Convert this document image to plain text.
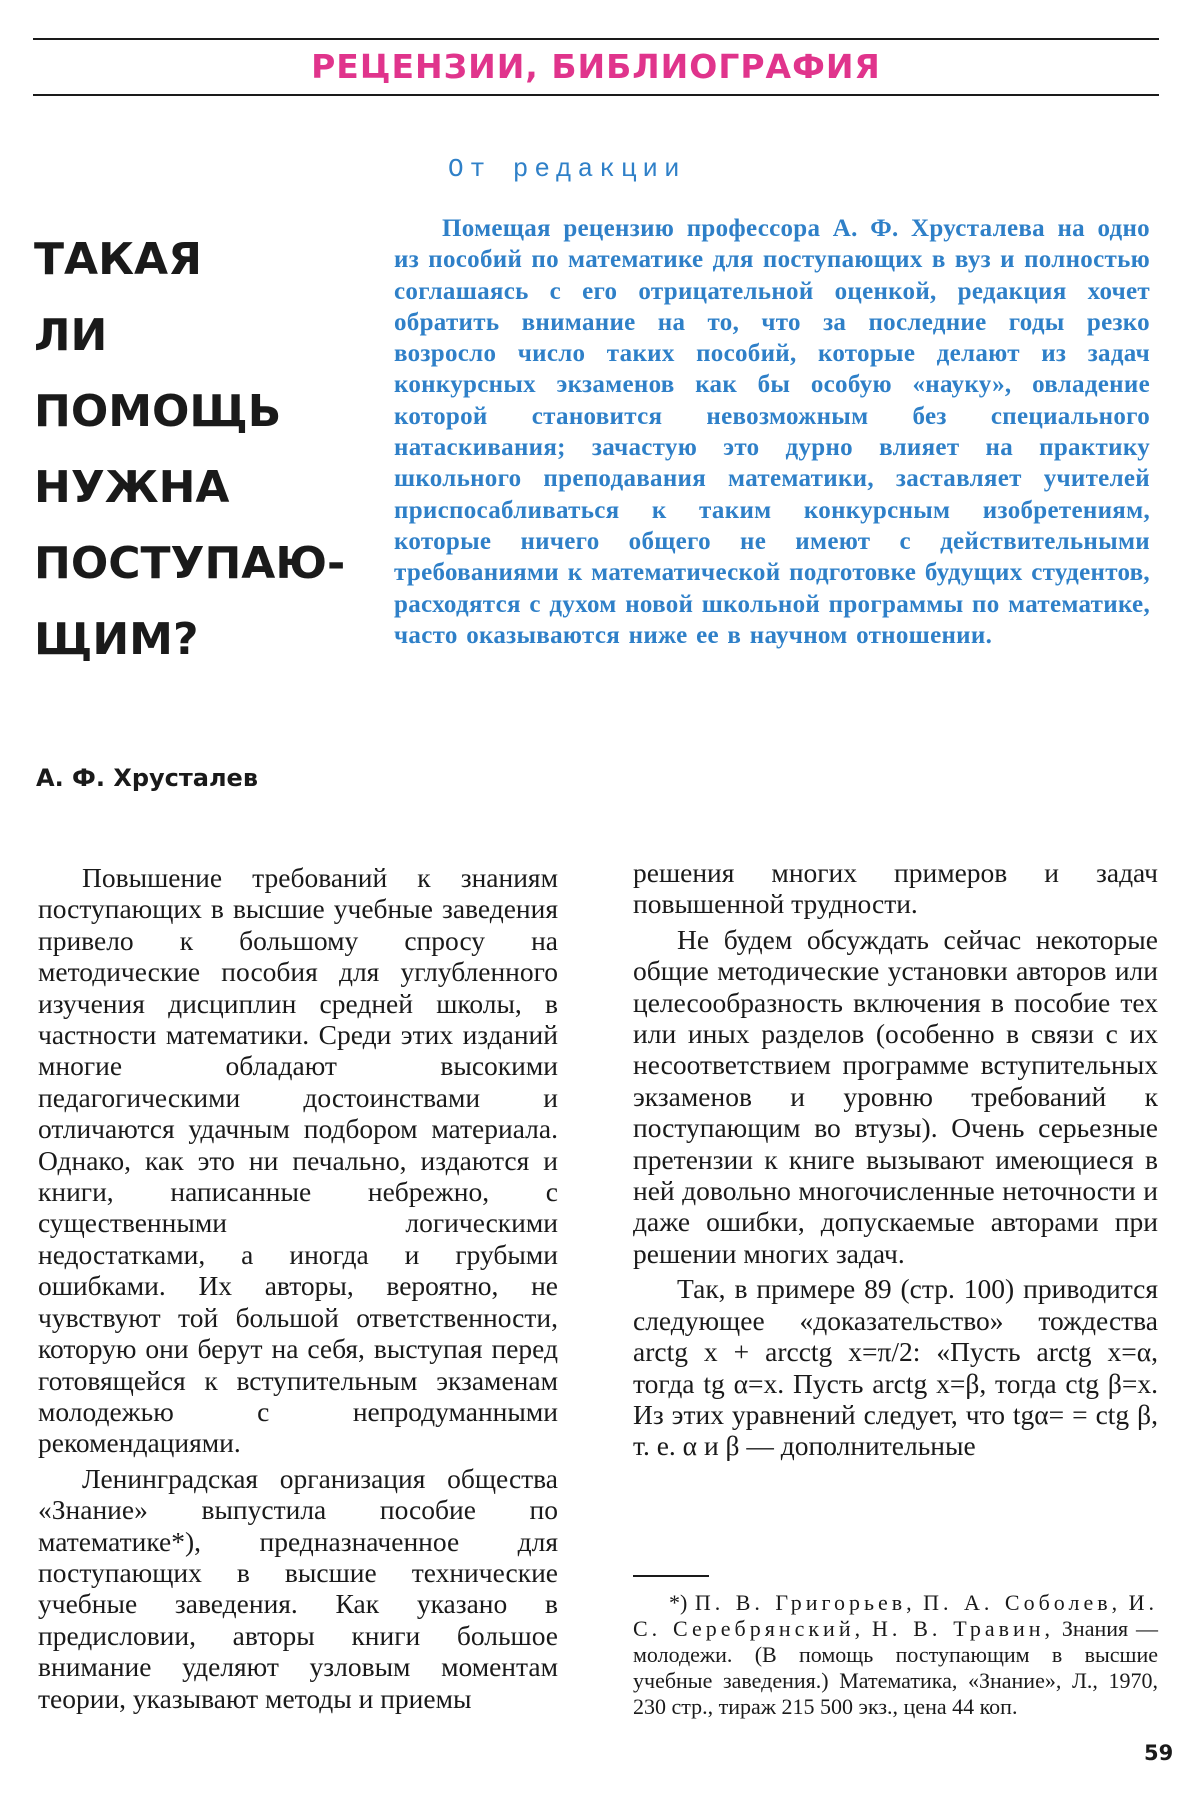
РЕЦЕНЗИИ, БИБЛИОГРАФИЯ
ТАКАЯ
ЛИ
ПОМОЩЬ
НУЖНА
ПОСТУПАЮ-
ЩИМ?
От редакции

Помещая рецензию профессора А. Ф. Хрусталева на одно из пособий по математике для поступающих в вуз и полностью соглашаясь с его отрицательной оценкой, редакция хочет обратить внимание на то, что за последние годы резко возросло число таких пособий, которые делают из задач конкурсных экзаменов как бы особую «науку», овладение которой становится невозможным без специального натаскивания; зачастую это дурно влияет на практику школьного преподавания математики, заставляет учителей приспосабливаться к таким конкурсным изобретениям, которые ничего общего не имеют с действительными требованиями к математической подготовке будущих студентов, расходятся с духом новой школьной программы по математике, часто оказываются ниже ее в научном отношении.

А. Ф. Хрусталев

Повышение требований к знаниям поступающих в высшие учебные заведения привело к большому спросу на методические пособия для углубленного изучения дисциплин средней школы, в частности математики. Среди этих изданий многие обладают высокими педагогическими достоинствами и отличаются удачным подбором материала. Однако, как это ни печально, издаются и книги, написанные небрежно, с существенными логическими недостатками, а иногда и грубыми ошибками. Их авторы, вероятно, не чувствуют той большой ответственности, которую они берут на себя, выступая перед готовящейся к вступительным экзаменам молодежью с непродуманными рекомендациями.

Ленинградская организация общества «Знание» выпустила пособие по математике*), предназначенное для поступающих в высшие технические учебные заведения. Как указано в предисловии, авторы книги большое внимание уделяют узловым моментам теории, указывают методы и приемы

решения многих примеров и задач повышенной трудности.

Не будем обсуждать сейчас некоторые общие методические установки авторов или целесообразность включения в пособие тех или иных разделов (особенно в связи с их несоответствием программе вступительных экзаменов и уровню требований к поступающим во втузы). Очень серьезные претензии к книге вызывают имеющиеся в ней довольно многочисленные неточности и даже ошибки, допускаемые авторами при решении многих задач.

Так, в примере 89 (стр. 100) приводится следующее «доказательство» тождества arctg x + arcctg x=π/2: «Пусть arctg x=α, тогда tg α=x. Пусть arctg x=β, тогда ctg β=x. Из этих уравнений следует, что tgα= = ctg β, т. е. α и β — дополнительные

*) П. В. Григорьев, П. А. Соболев, И. С. Серебрянский, Н. В. Травин, Знания — молодежи. (В помощь поступающим в высшие учебные заведения.) Математика, «Знание», Л., 1970, 230 стр., тираж 215 500 экз., цена 44 коп.

59
